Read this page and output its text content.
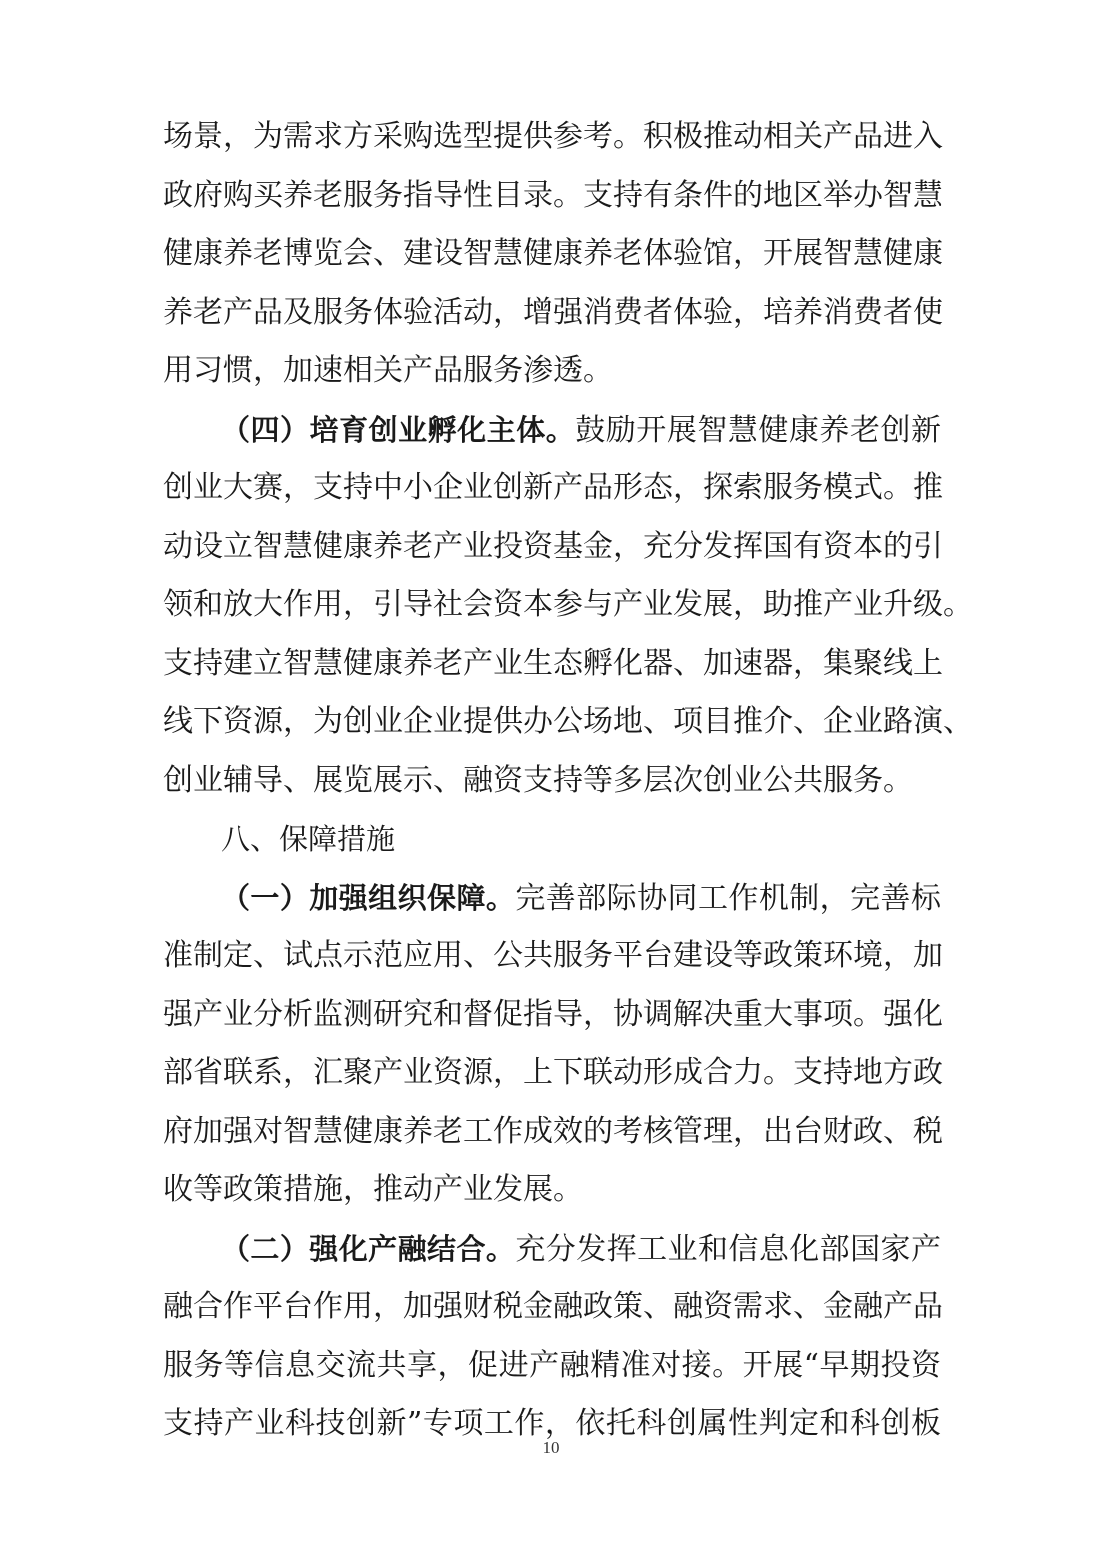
场景，为需求方采购选型提供参考。积极推动相关产品进入
政府购买养老服务指导性目录。支持有条件的地区举办智慧
健康养老博览会、建设智慧健康养老体验馆，开展智慧健康
养老产品及服务体验活动，增强消费者体验，培养消费者使
用习惯，加速相关产品服务渗透。
（四）培育创业孵化主体。鼓励开展智慧健康养老创新
创业大赛，支持中小企业创新产品形态，探索服务模式。推
动设立智慧健康养老产业投资基金，充分发挥国有资本的引
领和放大作用，引导社会资本参与产业发展，助推产业升级。
支持建立智慧健康养老产业生态孵化器、加速器，集聚线上
线下资源，为创业企业提供办公场地、项目推介、企业路演、
创业辅导、展览展示、融资支持等多层次创业公共服务。
八、保障措施
（一）加强组织保障。完善部际协同工作机制，完善标
准制定、试点示范应用、公共服务平台建设等政策环境，加
强产业分析监测研究和督促指导，协调解决重大事项。强化
部省联系，汇聚产业资源，上下联动形成合力。支持地方政
府加强对智慧健康养老工作成效的考核管理，出台财政、税
收等政策措施，推动产业发展。
（二）强化产融结合。充分发挥工业和信息化部国家产
融合作平台作用，加强财税金融政策、融资需求、金融产品
服务等信息交流共享，促进产融精准对接。开展“早期投资
支持产业科技创新”专项工作，依托科创属性判定和科创板
10
